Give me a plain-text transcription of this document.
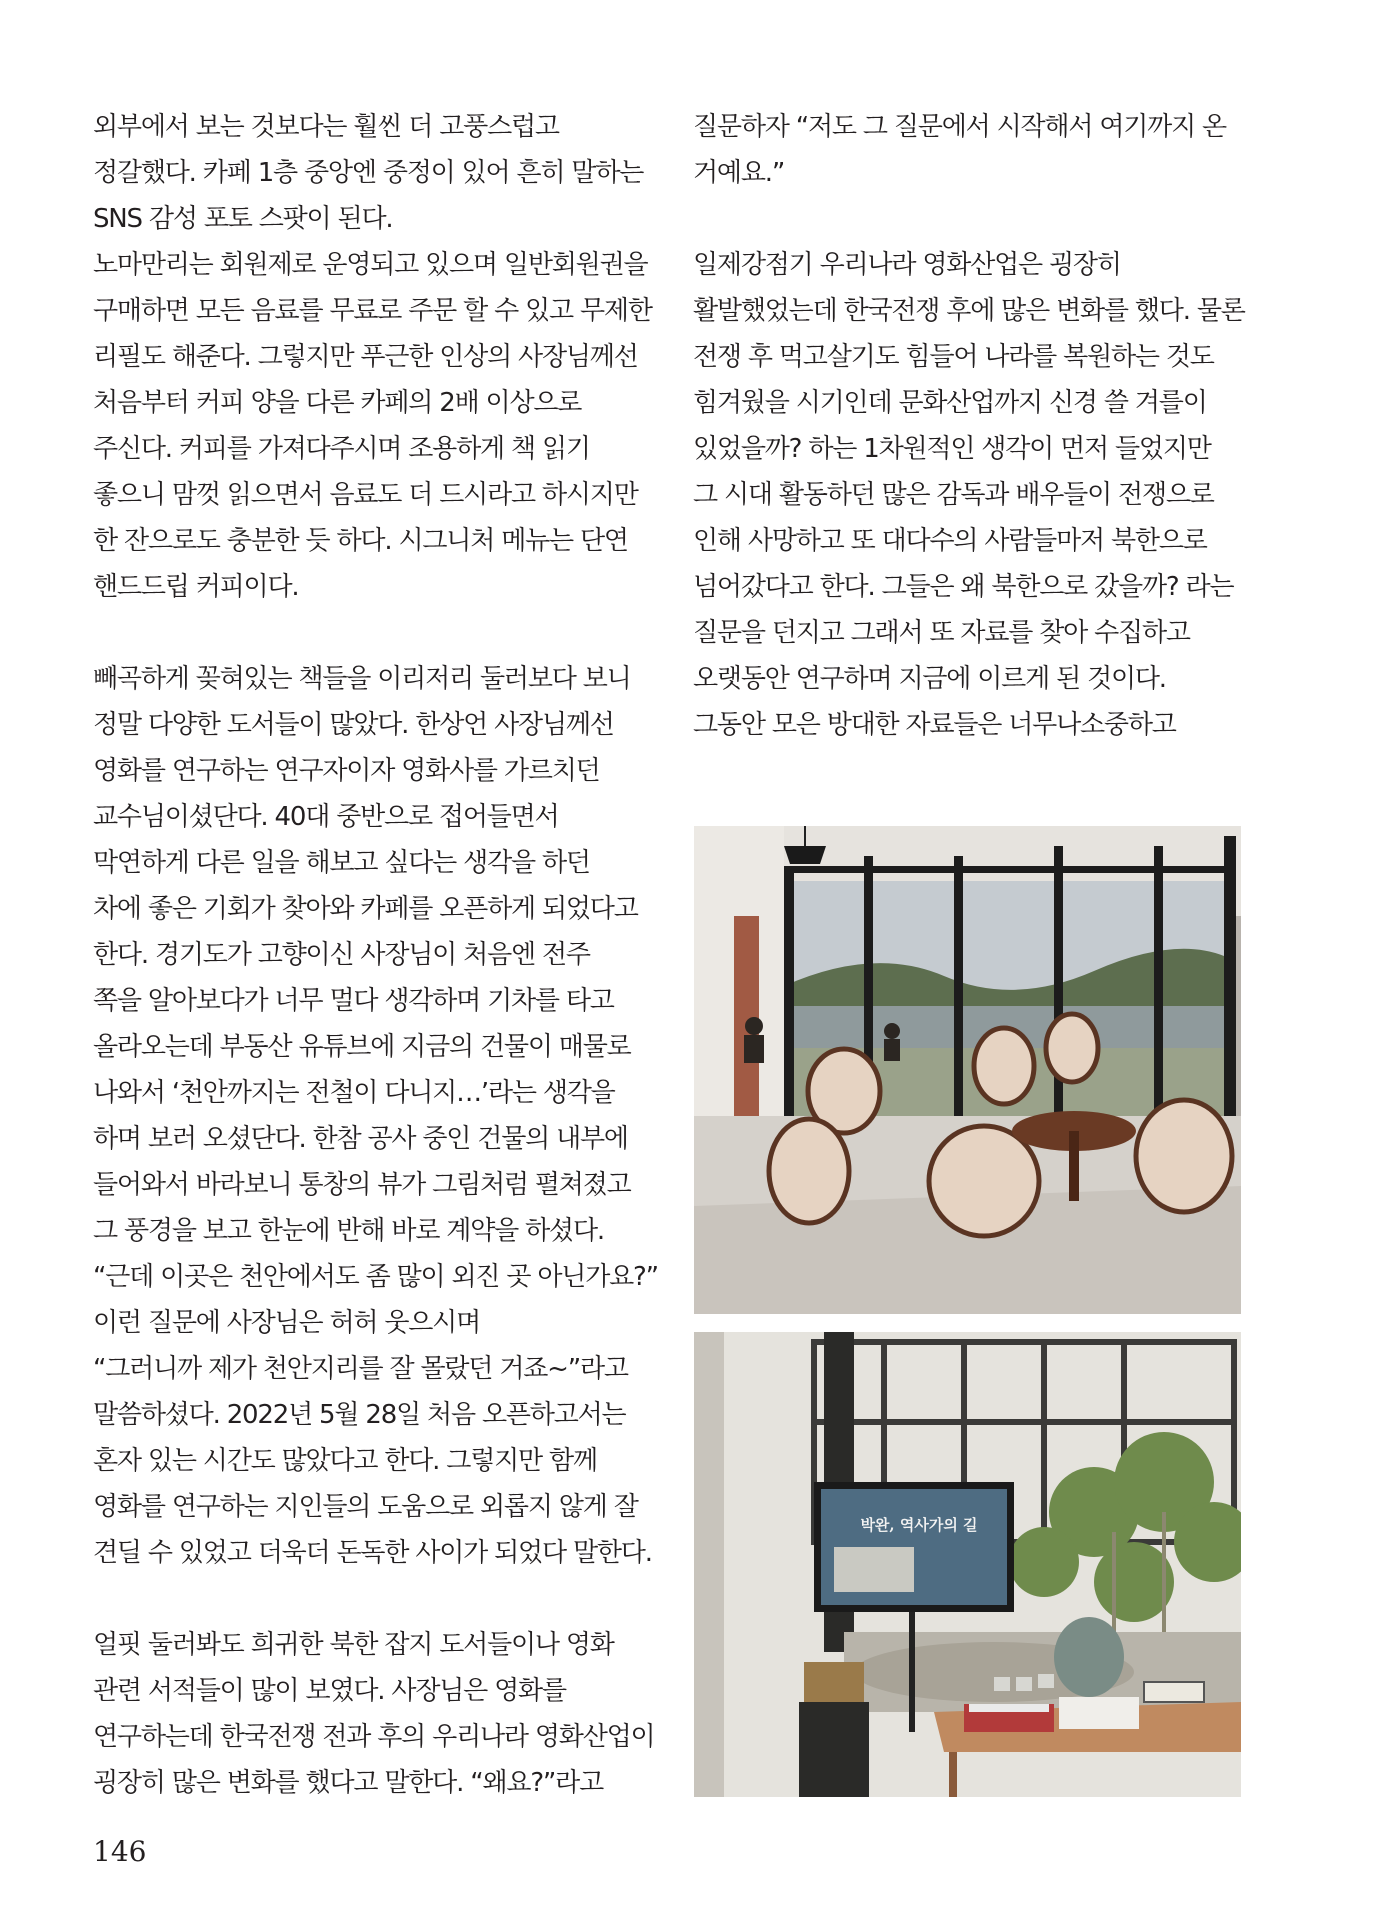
외부에서 보는 것보다는 훨씬 더 고풍스럽고

정갈했다. 카페 1층 중앙엔 중정이 있어 흔히 말하는

SNS 감성 포토 스팟이 된다.

노마만리는 회원제로 운영되고 있으며 일반회원권을

구매하면 모든 음료를 무료로 주문 할 수 있고 무제한

리필도 해준다. 그렇지만 푸근한 인상의 사장님께선

처음부터 커피 양을 다른 카페의 2배 이상으로

주신다. 커피를 가져다주시며 조용하게 책 읽기

좋으니 맘껏 읽으면서 음료도 더 드시라고 하시지만

한 잔으로도 충분한 듯 하다. 시그니처 메뉴는 단연

핸드드립 커피이다.

빼곡하게 꽂혀있는 책들을 이리저리 둘러보다 보니

정말 다양한 도서들이 많았다. 한상언 사장님께선

영화를 연구하는 연구자이자 영화사를 가르치던

교수님이셨단다. 40대 중반으로 접어들면서

막연하게 다른 일을 해보고 싶다는 생각을 하던

차에 좋은 기회가 찾아와 카페를 오픈하게 되었다고

한다. 경기도가 고향이신 사장님이 처음엔 전주

쪽을 알아보다가 너무 멀다 생각하며 기차를 타고

올라오는데 부동산 유튜브에 지금의 건물이 매물로

나와서 ‘천안까지는 전철이 다니지…’라는 생각을

하며 보러 오셨단다. 한참 공사 중인 건물의 내부에

들어와서 바라보니 통창의 뷰가 그림처럼 펼쳐졌고

그 풍경을 보고 한눈에 반해 바로 계약을 하셨다.

“근데 이곳은 천안에서도 좀 많이 외진 곳 아닌가요?”

이런 질문에 사장님은 허허 웃으시며

“그러니까 제가 천안지리를 잘 몰랐던 거죠~”라고

말씀하셨다. 2022년 5월 28일 처음 오픈하고서는

혼자 있는 시간도 많았다고 한다. 그렇지만 함께

영화를 연구하는 지인들의 도움으로 외롭지 않게 잘

견딜 수 있었고 더욱더 돈독한 사이가 되었다 말한다.

얼핏 둘러봐도 희귀한 북한 잡지 도서들이나 영화

관련 서적들이 많이 보였다. 사장님은 영화를

연구하는데 한국전쟁 전과 후의 우리나라 영화산업이

굉장히 많은 변화를 했다고 말한다. “왜요?”라고

질문하자 “저도 그 질문에서 시작해서 여기까지 온

거예요.”

일제강점기 우리나라 영화산업은 굉장히

활발했었는데 한국전쟁 후에 많은 변화를 했다. 물론

전쟁 후 먹고살기도 힘들어 나라를 복원하는 것도

힘겨웠을 시기인데 문화산업까지 신경 쓸 겨를이

있었을까? 하는 1차원적인 생각이 먼저 들었지만

그 시대 활동하던 많은 감독과 배우들이 전쟁으로

인해 사망하고 또 대다수의 사람들마저 북한으로

넘어갔다고 한다. 그들은 왜 북한으로 갔을까? 라는

질문을 던지고 그래서 또 자료를 찾아 수집하고

오랫동안 연구하며 지금에 이르게 된 것이다.

그동안 모은 방대한 자료들은 너무나소중하고

박완, 역사가의 길
146
